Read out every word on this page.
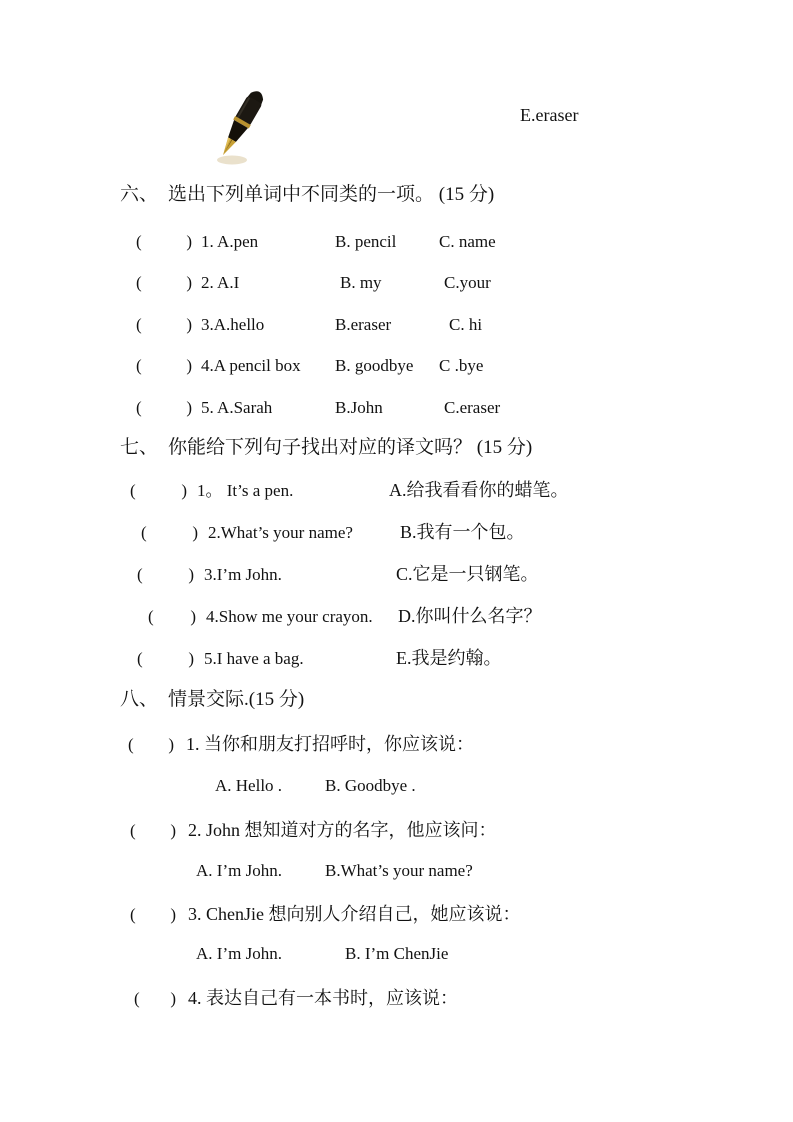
E.eraser
六、 选出下列单词中不同类的一项。 (15 分)
(	) 1. A.pen	B. pencil	C. name
(	) 2. A.I	B. my	C.your
(	) 3.A.hello	B.eraser	C. hi
(	) 4.A pencil box	B. goodbye	C .bye
(	) 5. A.Sarah	B.John	C.eraser
七、 你能给下列句子找出对应的译文吗？ (15 分)
(	) 1。 It’s a pen.	A.给我看看你的蜡笔。
(	) 2.What’s your name?	B.我有一个包。
(	) 3.I’m John.	C.它是一只钢笔。
( ) 4.Show me your crayon.	D.你叫什么名字？
(	) 5.I have a bag.	E.我是约翰。
八、 情景交际.(15 分)
( ) 1. 当你和朋友打招呼时，你应该说：
A. Hello .	B. Goodbye .
( ) 2. John 想知道对方的名字，他应该问：
A. I’m John.	B.What’s your name?
( ) 3. ChenJie 想向别人介绍自己，她应该说：
A. I’m John.	B. I’m ChenJie
( ) 4. 表达自己有一本书时，应该说：
